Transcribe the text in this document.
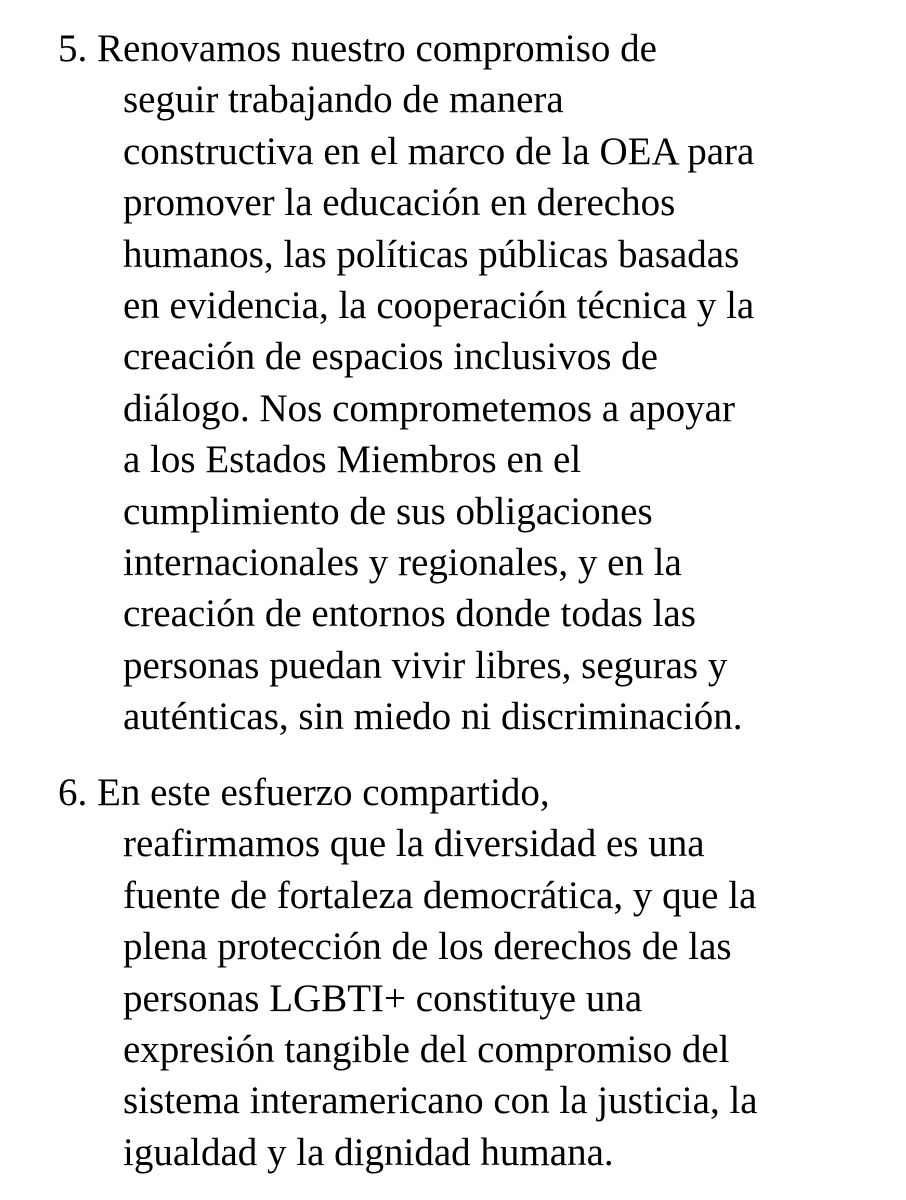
5. Renovamos nuestro compromiso de
seguir trabajando de manera
constructiva en el marco de la OEA para
promover la educación en derechos
humanos, las políticas públicas basadas
en evidencia, la cooperación técnica y la
creación de espacios inclusivos de
diálogo. Nos comprometemos a apoyar
a los Estados Miembros en el
cumplimiento de sus obligaciones
internacionales y regionales, y en la
creación de entornos donde todas las
personas puedan vivir libres, seguras y
auténticas, sin miedo ni discriminación.
6. En este esfuerzo compartido,
reafirmamos que la diversidad es una
fuente de fortaleza democrática, y que la
plena protección de los derechos de las
personas LGBTI+ constituye una
expresión tangible del compromiso del
sistema interamericano con la justicia, la
igualdad y la dignidad humana.
